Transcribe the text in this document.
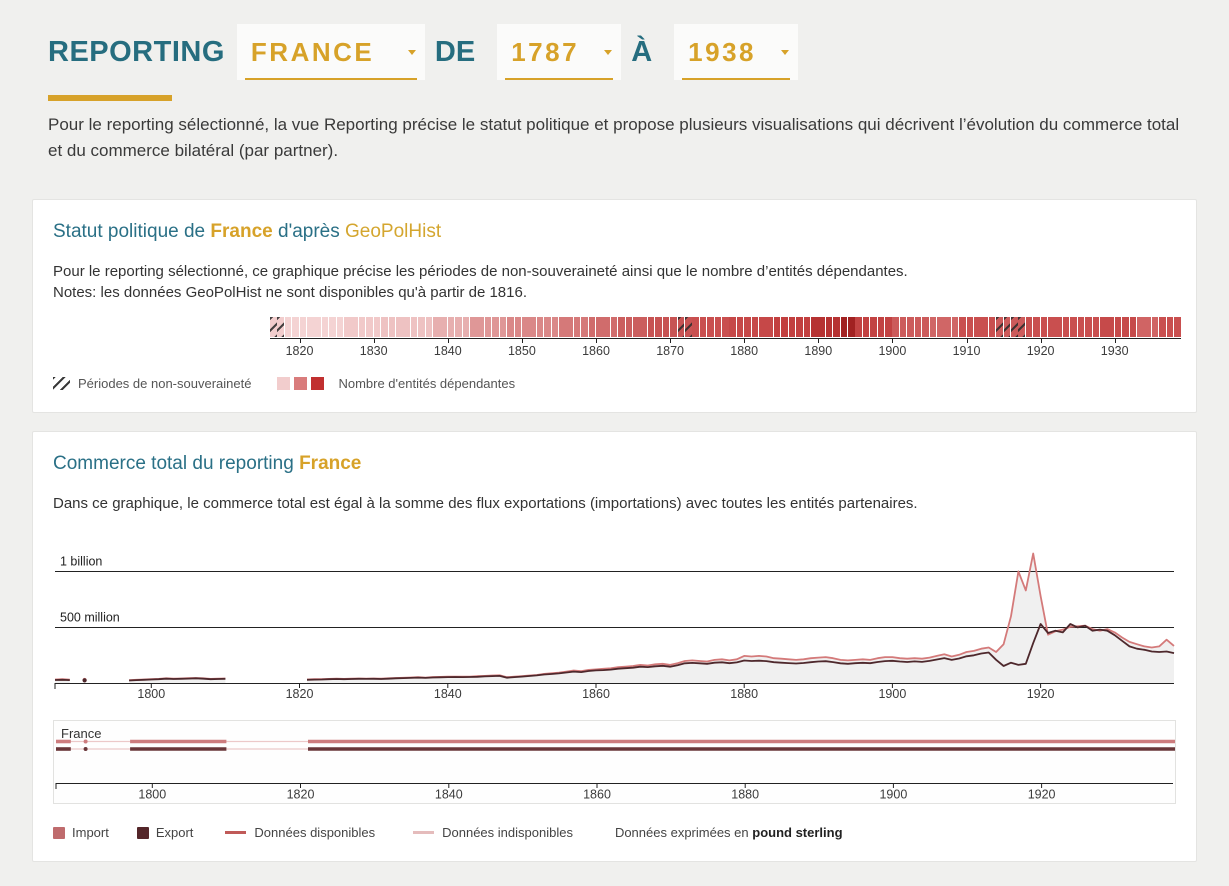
REPORTING FRANCE DE 1787 À 1938

Pour le reporting sélectionné, la vue Reporting précise le statut politique et propose plusieurs visualisations qui décrivent l’évolution du commerce total et du commerce bilatéral (par partner).

Statut politique de France d'après GeoPolHist
Pour le reporting sélectionné, ce graphique précise les périodes de non-souveraineté ainsi que le nombre d’entités dépendantes.
Notes: les données GeoPolHist ne sont disponibles qu'à partir de 1816.
1820	1830	1840	1850	1860	1870	1880	1890	1900	1910	1920	1930
Périodes de non-souveraineté	Nombre d'entités dépendantes
Commerce total du reporting France
Dans ce graphique, le commerce total est égal à la somme des flux exportations (importations) avec toutes les entités partenaires.
1 billion
500 million
1800	1820	1840	1860	1880	1900	1920
France
1800	1820	1840	1860	1880	1900	1920
Import	Export	Données disponibles	Données indisponibles	Données exprimées en pound sterling
